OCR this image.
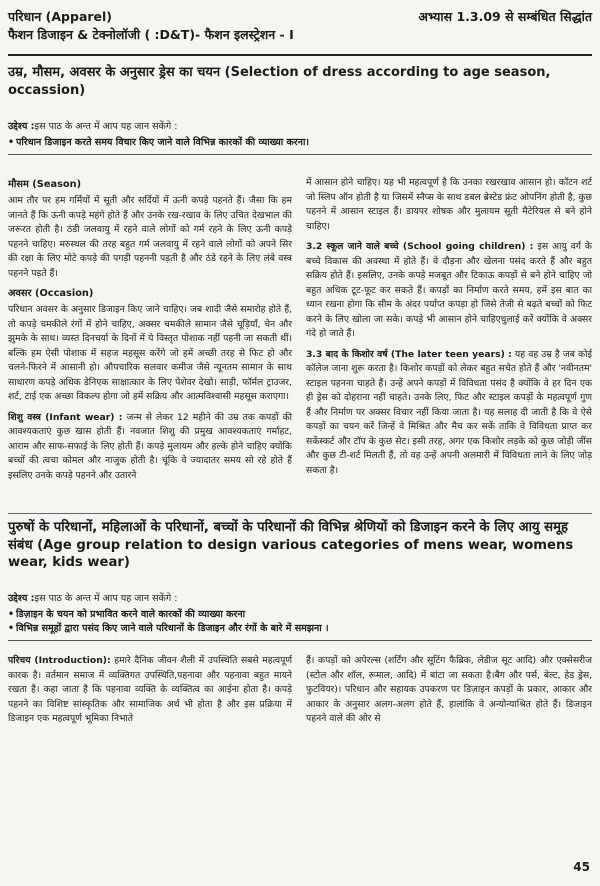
परिधान (Apparel)
फैशन डिजाइन & टेक्नोलॉजी ( :D&T)- फैशन इलस्ट्रेशन - I
अभ्यास 1.3.09 से सम्बंधित सिद्धांत
उम्र, मौसम, अवसर के अनुसार ड्रेस का चयन (Selection of dress according to age season, occassion)
उद्देश्य :इस पाठ के अन्त में आप यह जान सकेंगे :
• परिधान डिजाइन करते समय विचार किए जाने वाले विभिन्न कारकों की व्याख्या करना।
मौसम (Season)

आम तौर पर हम गर्मियों में सूती और सर्दियों में ऊनी कपड़े पहनते हैं। जैसा कि हम जानते हैं कि ऊनी कपड़े महंगे होते हैं और उनके रख-रखाव के लिए उचित देखभाल की जरूरत होती है। ठंडी जलवायु में रहने वाले लोगों को गर्म रहने के लिए ऊनी कपड़े पहनने चाहिए। मरुस्थल की तरह बहुत गर्म जलवायु में रहने वाले लोगों को अपने सिर की रक्षा के लिए मोटे कपड़े की पगड़ी पहननी पड़ती है और ठंडे रहने के लिए लंबे वस्त्र पहनने पड़ते हैं।

अवसर (Occasion)

परिधान अवसर के अनुसार डिजाइन किए जाने चाहिए। जब शादी जैसे समारोह होते हैं, तो कपड़े चमकीले रंगों में होने चाहिए, अक्सर चमकीले सामान जैसे चूड़ियाँ, चेन और झुमके के साथ। व्यस्त दिनचर्या के दिनों में ये विस्तृत पोशाक नहीं पहनी जा सकती थीं। बल्कि हम ऐसी पोशाक में सहज महसूस करेंगे जो हमें अच्छी तरह से फिट हो और चलने-फिरने में आसानी हो। औपचारिक सलवार कमीज जैसे न्यूनतम सामान के साथ साधारण कपड़े अधिक डेनिएक साक्षात्कार के लिए पेशेवर देखो। साड़ी, फॉर्मल ट्राउजर, शर्ट, टाई एक अच्छा विकल्प होगा जो हमें सक्रिय और आत्मविश्वासी महसूस कराएगा।

शिशु वस्त्र (Infant wear) : जन्म से लेकर 12 महीने की उम्र तक कपड़ों की आवश्यकताएं कुछ खास होती हैं। नवजात शिशु की प्रमुख आवश्यकताएं गर्माहट, आराम और साफ-सफाई के लिए होती हैं। कपड़े मुलायम और हल्के होने चाहिए क्योंकि बच्चों की त्वचा कोमल और नाजुक होती है। चूंकि वे ज्यादातर समय सो रहे होते हैं इसलिए उनके कपड़े पहनने और उतारने

में आसान होने चाहिए। यह भी महत्वपूर्ण है कि उनका रखरखाव आसान हो। कॉटन शर्ट जो स्लिप ऑन होती है या जिसमें स्नैप्स के साथ डबल ब्रेस्टेड फ्रंट ओपनिंग होती है, कुछ पहनने में आसान स्टाइल हैं। डायपर शोषक और मुलायम सूती मैटेरियल से बने होने चाहिए।

3.2 स्कूल जाने वाले बच्चे (School going children) : इस आयु वर्ग के बच्चे विकास की अवस्था में होते हैं। वे दौड़ना और खेलना पसंद करते हैं और बहुत सक्रिय होते हैं। इसलिए, उनके कपड़े मजबूत और टिकाऊ कपड़ों से बने होने चाहिए जो बहुत अधिक टूट-फूट कर सकते हैं। कपड़ों का निर्माण करते समय, हमें इस बात का ध्यान रखना होगा कि सीम के अंदर पर्याप्त कपड़ा हो जिसे तेजी से बढ़ते बच्चों को फिट करने के लिए खोला जा सके। कपड़े भी आसान होने चाहिएधुलाई करें क्योंकि वे अक्सर गंदे हो जाते हैं।

3.3 बाद के किशोर वर्ष (The later teen years) : यह वह उम्र है जब कोई कॉलेज जाना शुरू करता है। किशोर कपड़ों को लेकर बहुत सचेत होते हैं और 'नवीनतम' स्टाइल पहनना चाहते हैं। उन्हें अपने कपड़ों में विविधता पसंद है क्योंकि वे हर दिन एक ही ड्रेस को दोहराना नहीं चाहते। उनके लिए, फिट और स्टाइल कपड़ों के महत्वपूर्ण गुण हैं और निर्माण पर अक्सर विचार नहीं किया जाता है। यह सलाह दी जाती है कि वे ऐसे कपड़ों का चयन करें जिन्हें वे मिश्रित और मैच कर सकें ताकि वे विविधता प्राप्त कर सकेंस्कर्ट और टॉप के कुछ सेट। इसी तरह, अगर एक किशोर लड़के को कुछ जोड़ी जींस और कुछ टी-शर्ट मिलती हैं, तो वह उन्हें अपनी अलमारी में विविधता लाने के लिए जोड़ सकता है।

पुरुषों के परिधानों, महिलाओं के परिधानों, बच्चों के परिधानों की विभिन्न श्रेणियों को डिजाइन करने के लिए आयु समूह संबंध (Age group relation to design various categories of mens wear, womens wear, kids wear)
उद्देश्य :इस पाठ के अन्त में आप यह जान सकेंगे :
• डिज़ाइन के चयन को प्रभावित करने वाले कारकों की व्याख्या करना
• विभिन्न समूहों द्वारा पसंद किए जाने वाले परिधानों के डिजाइन और रंगों के बारे में समझना ।

परिचय (Introduction): हमारे दैनिक जीवन शैली में उपस्थिति सबसे महत्वपूर्ण कारक है। वर्तमान समाज में व्यक्तिगत उपस्थिति,पहनावा और पहनावा बहुत मायने रखता है। कहा जाता है कि पहनावा व्यक्ति के व्यक्तित्व का आईना होता है। कपड़े पहनने का विशिष्ट सांस्कृतिक और सामाजिक अर्थ भी होता है और इस प्रक्रिया में डिजाइन एक महत्वपूर्ण भूमिका निभाते

हैं। कपड़ों को अपेरल्स (शर्टिंग और सूटिंग फैब्रिक, लेडीज सूट आदि) और एक्सेसरीज (स्टोल और शॉल, रूमाल, आदि) में बांटा जा सकता है।बैग और पर्स, बेल्ट, हेड ड्रेस, फुटवियर)। परिधान और सहायक उपकरण पर डिज़ाइन कपड़ों के प्रकार, आकार और आकार के अनुसार अलग-अलग होते हैं, हालांकि वे अन्योन्याश्रित होते हैं। डिजाइन पहनने वाले की ओर से

45
